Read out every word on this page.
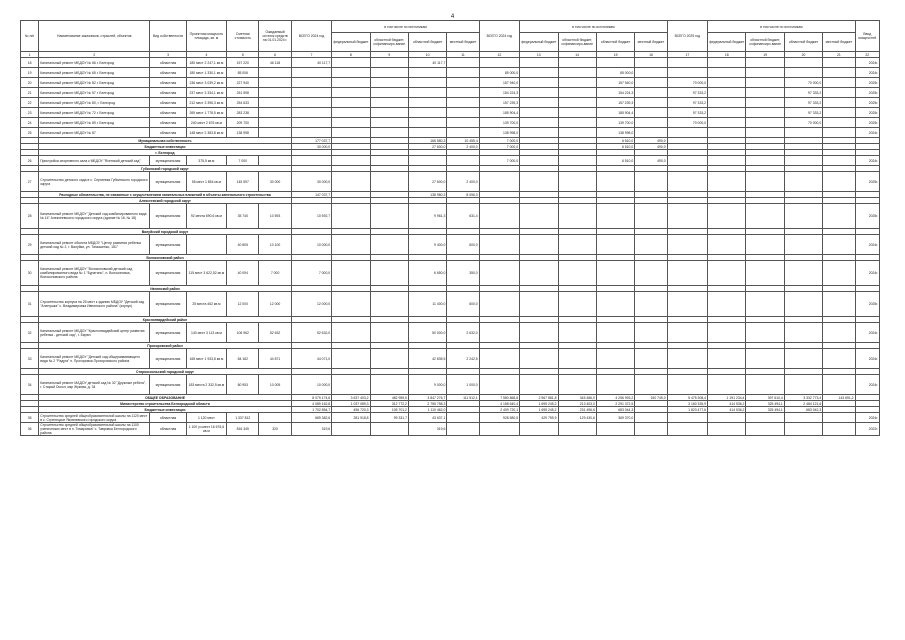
4
№ п/п	Наименование заказчиков, отраслей, объектов	Вид собственности	Проектная мощность площадь, кв. м	Сметная стоимость	Ожидаемый остаток средств на 01.01.2024 г.	ВСЕГО 2024 год	в том числе по источникам				ВСЕГО 2024 год	в том числе по источникам				ВСЕГО 2025 год	в том числе по источникам				Ввод мощностей
							федеральный бюджет	областной бюджет, софинансиро-вание	областной бюджет	местный бюджет		федеральный бюджет	областной бюджет, софинансиро-вание	областной бюджет	местный бюджет		федеральный бюджет	областной бюджет, софинансиро-вание	областной бюджет	местный бюджет	
1	2	3	4	5	6	7	8	9	10	11	12	13	14	15	16	17	18	19	20	21	22
18	Капитальный ремонт МБДОУ № 66 г. Белгород	областная	180 мест 2 247,1 кв.м	157 220	46 118	40 117,7			40 117,7												2024г.
19	Капитальный ремонт МБДОУ № 65 г. Белгород	областная	180 мест 1 330,1 кв.м	85 006							85 000,0			85 000,0							2024г.
20	Капитальный ремонт МБДОУ № 82 г. Белгород	областная	236 мест 3 039,2 кв.м	227 940							157 940,0			157 940,0		70 000,0			70 000,0		2025г.
21	Капитальный ремонт МБДОУ № 57 г. Белгород	областная	237 мест 3 334,1 кв.м	251 598							154 224,3			154 224,3		97 333,2			97 333,2		2025г.
22	Капитальный ремонт МБДОУ № 80, г. Белгород	областная	212 мест 3 396,3 кв.м	254 633							157 239,3			157 239,3		97 333,2			97 333,2		2025г.
23	Капитальный ремонт МБДОУ № 72 г. Белгород	областная	269 мест 1 778,5 кв.м	283 238							185 904,4			185 904,4		97 333,2			97 333,2		2025г.
24	Капитальный ремонт МБДОУ № 89 г. Белгород	областная	240 мест 2 676 кв.м	209 700							139 700,0			139 700,0		70 000,0			70 000,0		2025г.
25	Капитальный ремонт МБДОУ № 87	областная	148 мест 2 383,8 кв.м	138 998							138 998,0			138 998,0							2024г.
	Муниципальная собственность					177 037,7			166 580,3	10 455,4	7 000,0			6 510,0	490,0						
	Бюджетные инвестиции					30 000,0			27 600,0	2 400,0	7 000,0			6 510,0	490,0						
	г. Белгород																				
26	Пристройка спортивного зала к МБДОУ "Ясенский детский сад"	муниципальная	375,5 кв.м	7 000							7 000,0			6 510,0	490,0						2024г.
	Губкинский городской округ																				
27	Строительство детского сада в с. Сергиевка Губкинского городского округа	муниципальная	55 мест 1 854 кв.м	145 597	30 000	30 000,0			27 600,0	2 400,0											2025г.
	Расходные обязательства, не связанные с осуществлением капитальных вложений в объекты капитального строительства					147 037,7			138 980,3	8 056,3											
	Алексеевский городской округ																				
28	Капитальный ремонт МБДОУ "Детский сад комбинированного вида № 14" Алексеевского городского округа (здание № 16, № 18)	муниципальная	92 места 690,6 кв.м	35 740	10 593	10 592,7			9 961,3	631,4											2025г.
	Валуйский городской округ																				
29	Капитальный ремонт объекта МБДОУ "Центр развития ребенка детский сад № 2, г. Валуйки, ул. Тимошенко, 181"	муниципальная		40 805	10 100	10 000,0			9 400,0	600,0											2024г.
	Волоконовский район																				
30	Капитальный ремонт МБДОУ "Волоконовский детский сад комбинированного вида № 1 "Буратино", п. Волоконовка, Волоконовского района	муниципальная	115 мест 3 622,52 кв.м	40 094	7 000	7 000,0			6 650,0	350,0											2024г.
	Ивнянский район																				
31	Строительство корпуса на 25 мест к зданию МБДОУ "Детский сад "Аленушка" с. Владимировка Ивнянского района" (корпус)	муниципальная	25 места 462 кв.м	12 000	12 000	12 000,0			11 400,0	600,0											2025г.
	Красногвардейский район																				
32	Капитальный ремонт МБДОУ "Красногвардейский центр развития ребенка - детский сад", г. Бирюч	муниципальная	140 мест 3 113 кв.м	106 962	52 632	52 632,0			50 000,0	2 632,0											2024г.
	Прохоровский район																				
33	Капитальный ремонт МБДОУ "Детский сад общеразвивающего вида № 2 "Радуга" п. Прохоровка Прохоровского района	муниципальная	165 мест 1 933,8 кв.м	84 182	44 871	44 071,0			42 835,5	2 242,5											2024г.
	Старооскольский городской округ																				
34	Капитальный ремонт МАДОУ детский сад № 32 "Дружные ребята", г. Старый Оскол, мкр Жукова, д. 34	муниципальная	183 места 2 332,5 кв.м	80 953	10 005	10 000,0			9 000,0	1 000,0											2024г.
	ОБЩЕЕ ОБРАЗОВАНИЕ					8 079 174,6	3 637 403,2	482 959,5	3 847 276,7	111 512,1	7 580 868,8	2 967 881,8	345 486,0	4 256 993,2	150 745,0	5 475 308,4	1 191 234,4	397 610,4	3 332 773,4	143 691,2	
	Министерство строительства Белгородской области					4 089 162,8	1 037 089,3	312 772,2	2 755 758,3		4 158 640,4	1 695 245,2	213 403,0	2 291 372,5		3 160 335,9	414 536,2	325 494,1	2 484 121,6		
	Бюджетные инвестиции					1 702 854,7	496 720,3	105 701,2	1 110 462,0		2 409 720,1	1 695 245,2	231 496,6	683 044,3		1 823 477,6	414 536,2	325 494,1	683 042,3		
35	Строительство средней общеобразовательной школы на 1120 мест в с. Стрелецкое Яковлевского городского округа	областная	1 120 мест	1 337 812		689 382,6	281 918,8	99 331,7	43 637,1		928 580,5	429 759,9	129 430,6	369 370,0							2024г.
36	Строительство средней общеобразовательной школы на 1100 ученических мест в п. Томаровка" с. Тавровка Белгородского района	областная	1 100 уч.мест 16 676,6 кв.м	816 345	320	319,6			319,6												2022г.
